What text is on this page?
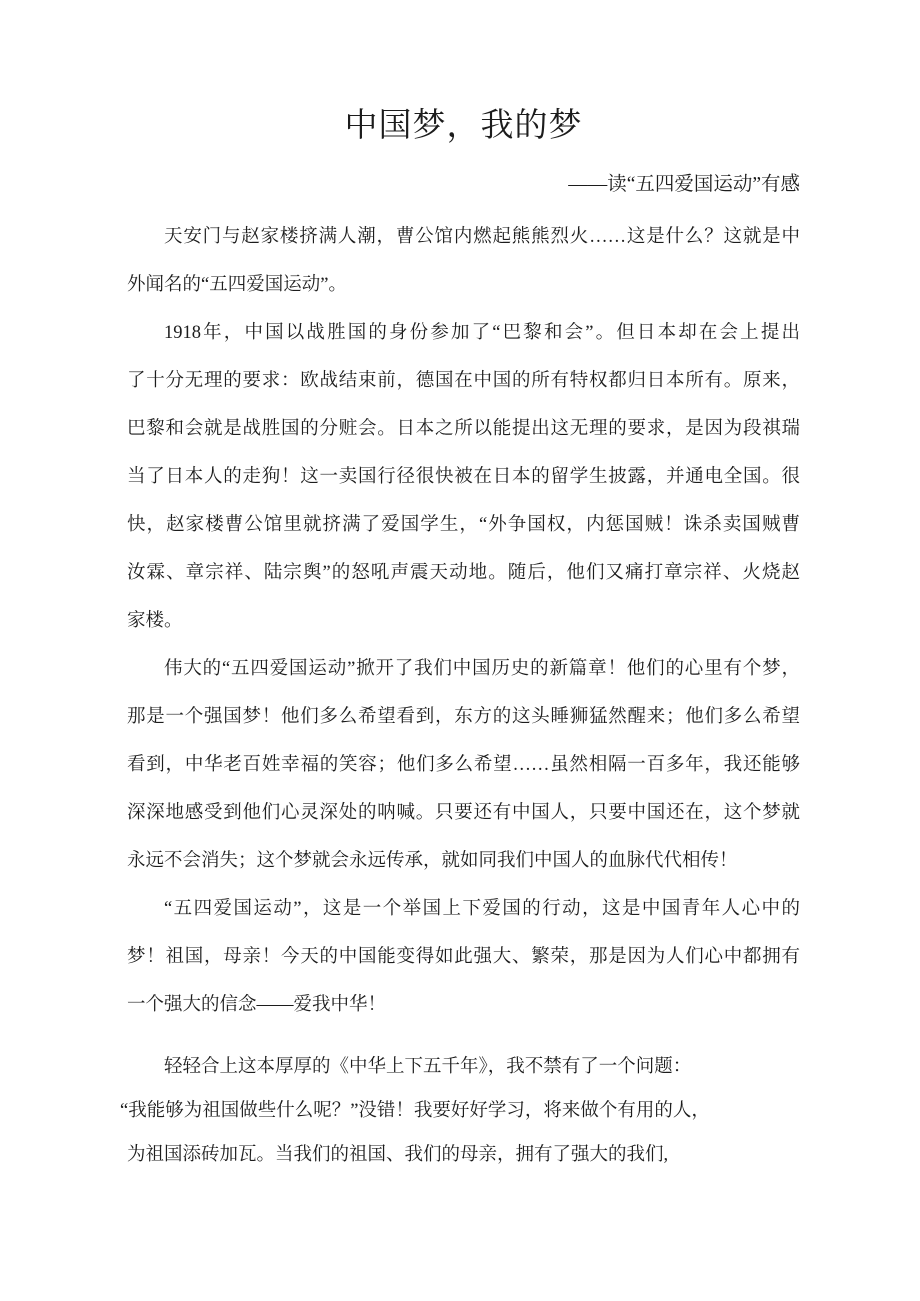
中国梦，我的梦
——读“五四爱国运动”有感
天安门与赵家楼挤满人潮，曹公馆内燃起熊熊烈火……这是什么？这就是中
外闻名的“五四爱国运动”。
1918年，中国以战胜国的身份参加了“巴黎和会”。但日本却在会上提出
了十分无理的要求：欧战结束前，德国在中国的所有特权都归日本所有。原来，
巴黎和会就是战胜国的分赃会。日本之所以能提出这无理的要求，是因为段祺瑞
当了日本人的走狗！这一卖国行径很快被在日本的留学生披露，并通电全国。很
快，赵家楼曹公馆里就挤满了爱国学生，“外争国权，内惩国贼！诛杀卖国贼曹
汝霖、章宗祥、陆宗舆”的怒吼声震天动地。随后，他们又痛打章宗祥、火烧赵
家楼。
伟大的“五四爱国运动”掀开了我们中国历史的新篇章！他们的心里有个梦，
那是一个强国梦！他们多么希望看到，东方的这头睡狮猛然醒来；他们多么希望
看到，中华老百姓幸福的笑容；他们多么希望……虽然相隔一百多年，我还能够
深深地感受到他们心灵深处的呐喊。只要还有中国人，只要中国还在，这个梦就
永远不会消失；这个梦就会永远传承，就如同我们中国人的血脉代代相传！
“五四爱国运动”，这是一个举国上下爱国的行动，这是中国青年人心中的
梦！祖国，母亲！今天的中国能变得如此强大、繁荣，那是因为人们心中都拥有
一个强大的信念——爱我中华！
轻轻合上这本厚厚的《中华上下五千年》，我不禁有了一个问题：
“我能够为祖国做些什么呢？”没错！我要好好学习，将来做个有用的人，
为祖国添砖加瓦。当我们的祖国、我们的母亲，拥有了强大的我们,
